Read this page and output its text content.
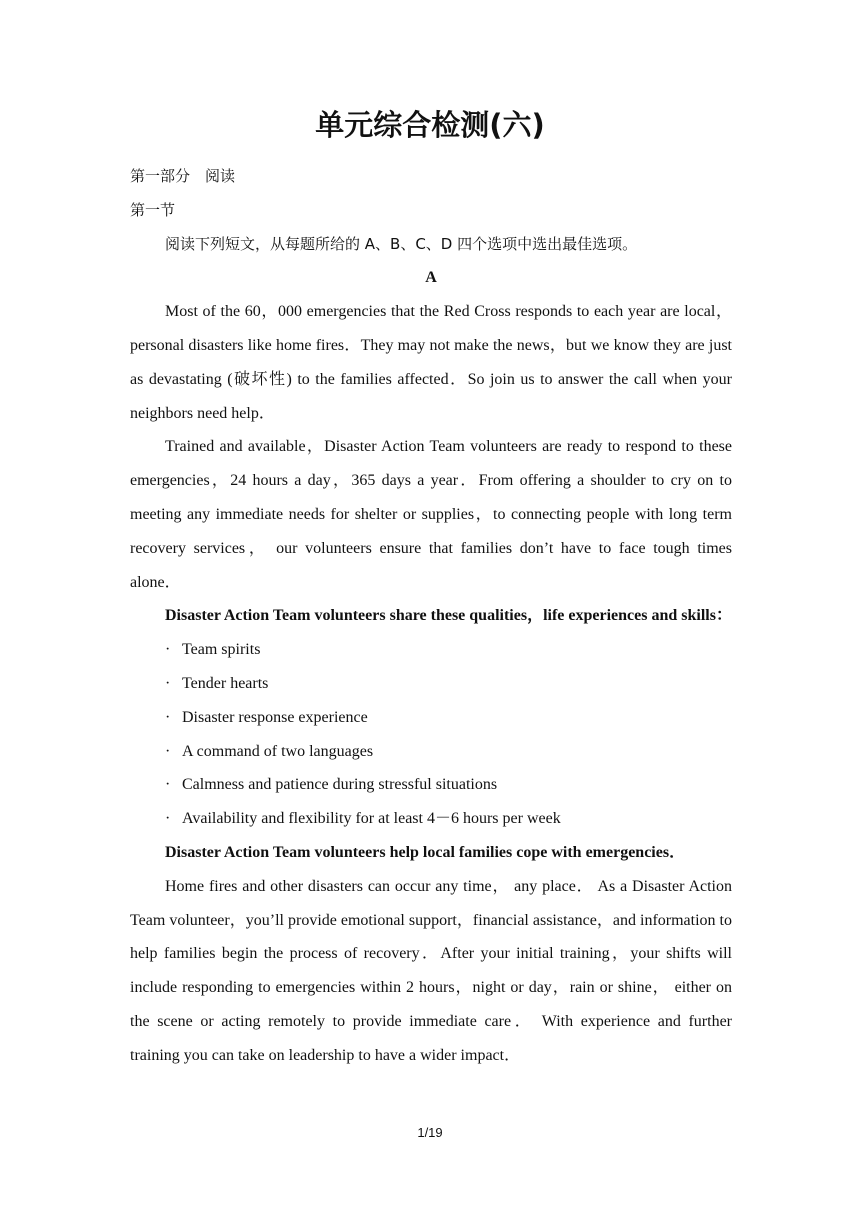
单元综合检测(六)

第一部分　阅读

第一节

阅读下列短文，从每题所给的 A、B、C、D 四个选项中选出最佳选项。

A

Most of the 60，000 emergencies that the Red Cross responds to each year are local，personal disasters like home fires．They may not make the news，but we know they are just as devastating (破坏性) to the families affected．So join us to answer the call when your neighbors need help．

Trained and available，Disaster Action Team volunteers are ready to respond to these emergencies，24 hours a day，365 days a year．From offering a shoulder to cry on to meeting any immediate needs for shelter or supplies，to connecting people with long term recovery services， our volunteers ensure that families don’t have to face tough times alone．

Disaster Action Team volunteers share these qualities，life experiences and skills：

· Team spirits

· Tender hearts

· Disaster response experience

· A command of two languages

· Calmness and patience during stressful situations

· Availability and flexibility for at least 4－6 hours per week

Disaster Action Team volunteers help local families cope with emergencies．

Home fires and other disasters can occur any time， any place． As a Disaster Action Team volunteer，you’ll provide emotional support，financial assistance，and information to help families begin the process of recovery．After your initial training，your shifts will include responding to emergencies within 2 hours，night or day，rain or shine， either on the scene or acting remotely to provide immediate care． With experience and further training you can take on leadership to have a wider impact．

1/19
